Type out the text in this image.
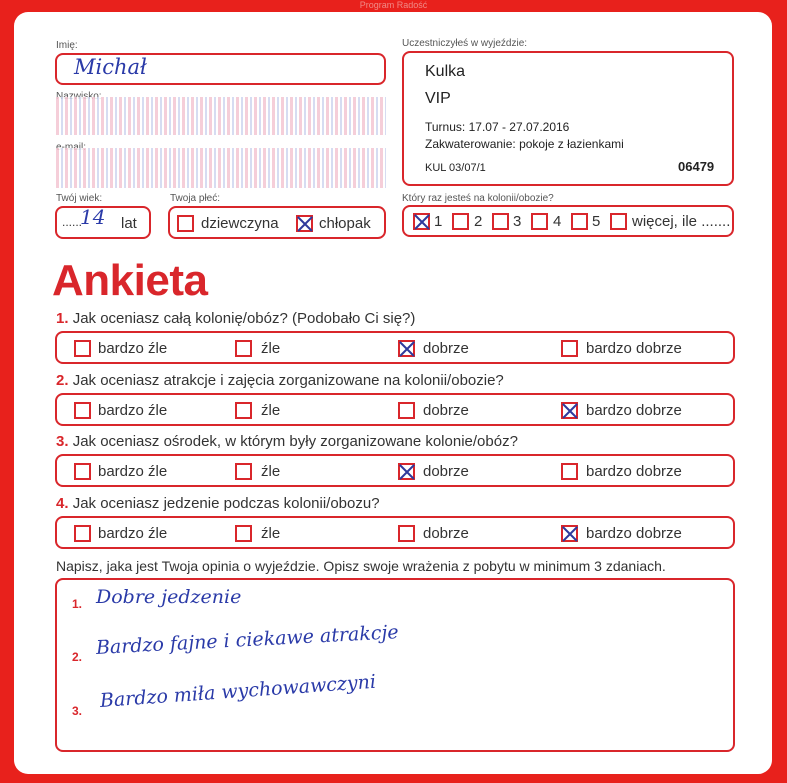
Program Radość
Imię:
Michał
Twój wiek:
......
14 lat
Twoja płeć:
dziewczyna	chłopak
Uczestniczyłeś w wyjeździe:
Kulka
VIP
Turnus: 17.07 - 27.07.2016
Zakwaterowanie: pokoje z łazienkami
KUL 03/07/1	06479
Który raz jesteś na kolonii/obozie?
1 2 3 4 5 więcej, ile .......
Ankieta
1. Jak oceniasz całą kolonię/obóz? (Podobało Ci się?)
bardzo źle	źle	dobrze	bardzo dobrze
2. Jak oceniasz atrakcje i zajęcia zorganizowane na kolonii/obozie?
bardzo źle	źle	dobrze	bardzo dobrze
3. Jak oceniasz ośrodek, w którym były zorganizowane kolonie/obóz?
bardzo źle	źle	dobrze	bardzo dobrze
4. Jak oceniasz jedzenie podczas kolonii/obozu?
bardzo źle	źle	dobrze	bardzo dobrze
Napisz, jaka jest Twoja opinia o wyjeździe. Opisz swoje wrażenia z pobytu w minimum 3 zdaniach.
1. Dobre jedzenie
2. Bardzo fajne i ciekawe atrakcje
3. Bardzo miła wychowawczyni
